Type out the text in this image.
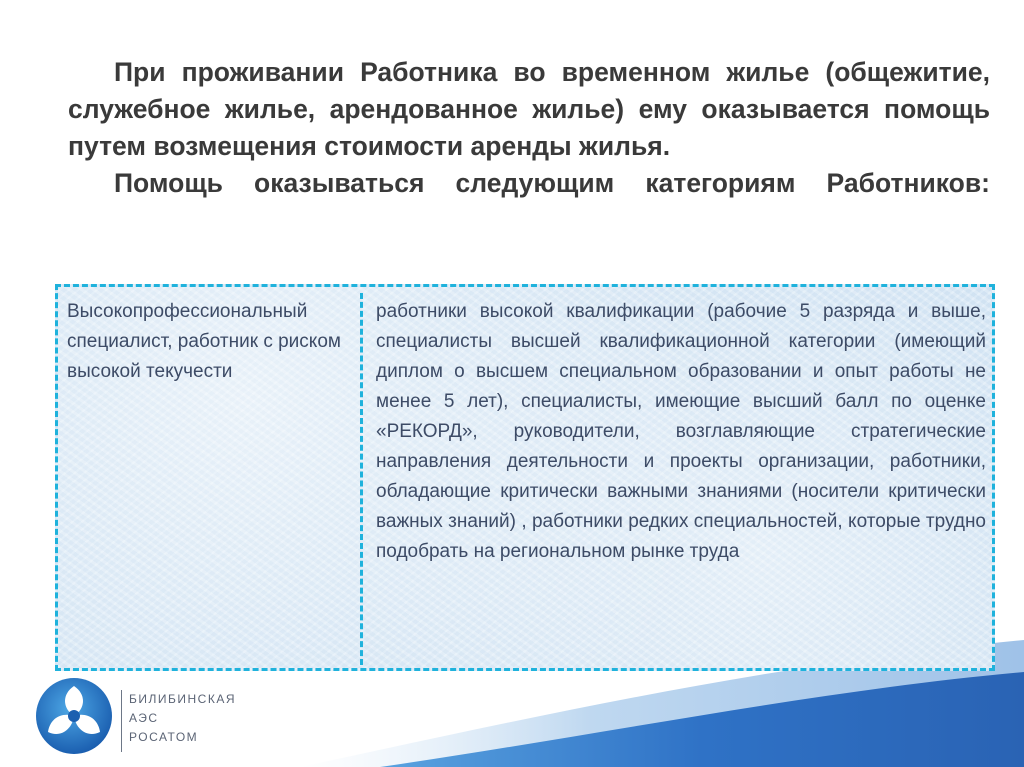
При проживании Работника во временном жилье (общежитие, служебное жилье, арендованное жилье) ему оказывается помощь путем возмещения стоимости аренды жилья.

Помощь оказываться следующим категориям Работников:

Высокопрофессиональный специалист, работник с риском высокой текучести
работники высокой квалификации (рабочие 5 разряда и выше, специалисты высшей квалификационной категории (имеющий диплом о высшем специальном образовании и опыт работы не менее 5 лет), специалисты, имеющие высший балл по оценке «РЕКОРД», руководители, возглавляющие стратегические направления деятельности и проекты организации, работники, обладающие критически важными знаниями (носители критически важных знаний) , работники редких специальностей, которые трудно подобрать на региональном рынке труда
БИЛИБИНСКАЯ
АЭС
РОСАТОМ
